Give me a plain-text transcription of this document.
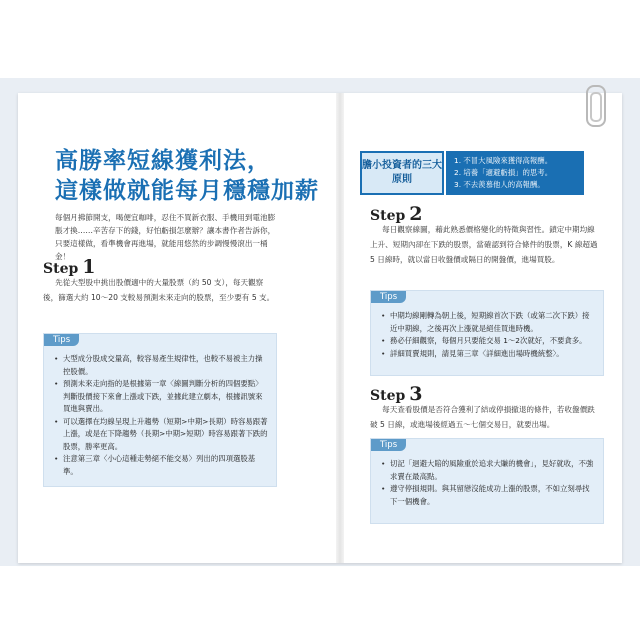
高勝率短線獲利法，
這樣做就能每月穩穩加薪
每個月拂節開支，喝便宜咖啡，忍住不買新衣服、手機用到電池膨脹才換……辛苦存下的錢，好怕虧損怎麼辦？讓本書作者告訴你，只要這樣做，看準機會再進場，就能用悠然的步調慢慢滾出一桶金！
Step 1
先從大型股中挑出股價適中的大量股票（約 50 支），每天觀察後，篩選大約 10～20 支較易預測未來走向的股票，至少要有 5 支。
Tips
• 大型成分股成交量高，較容易產生規律性，也較不易被主力操控股價。
• 預測未來走向指的是根據第一章〈線圖判斷分析的四個要點〉判斷股價接下來會上漲或下跌，並據此建立劇本，根據訊號來買進與賣出。
• 可以選擇在均線呈現上升趨勢（短期>中期>長期）時容易跟著上漲，或是在下降趨勢（長期>中期>短期）時容易跟著下跌的股票，勝率更高。
• 注意第三章〈小心這種走勢絕不能交易〉列出的四項選股基準。
膽小投資者的三大原則
1. 不冒大風險來獲得高報酬。
2. 培養「適避虧損」的思考。
3. 不去羨慕他人的高報酬。
Step 2
每日觀察線圖，藉此熟悉價格變化的特徵與習性。鎖定中期均線上升、短期內卻在下跌的股票，當確認到符合條件的股票，K 線超過 5 日線時，就以當日收盤價或隔日的開盤價，進場買股。
Tips
• 中期均線剛轉為朝上後，短期線首次下跌（或第二次下跌）接近中期線，之後再次上漲就是絕佳買進時機。
• 務必仔細觀察，每個月只要能交易 1～2次就好，不要貪多。
• 詳細買賣規則，請見第三章〈詳細進出場時機統整〉。
Step 3
每天查看股價是否符合獲利了結或停損撤退的條件，若收盤價跌破 5 日線，或進場後經過五～七個交易日，就要出場。
Tips
• 切記「迴避大賠的風險重於追求大賺的機會」，見好就收，不強求賣在最高點。
• 遵守停損規則。與其留戀沒能成功上漲的股票，不如立刻尋找下一個機會。
